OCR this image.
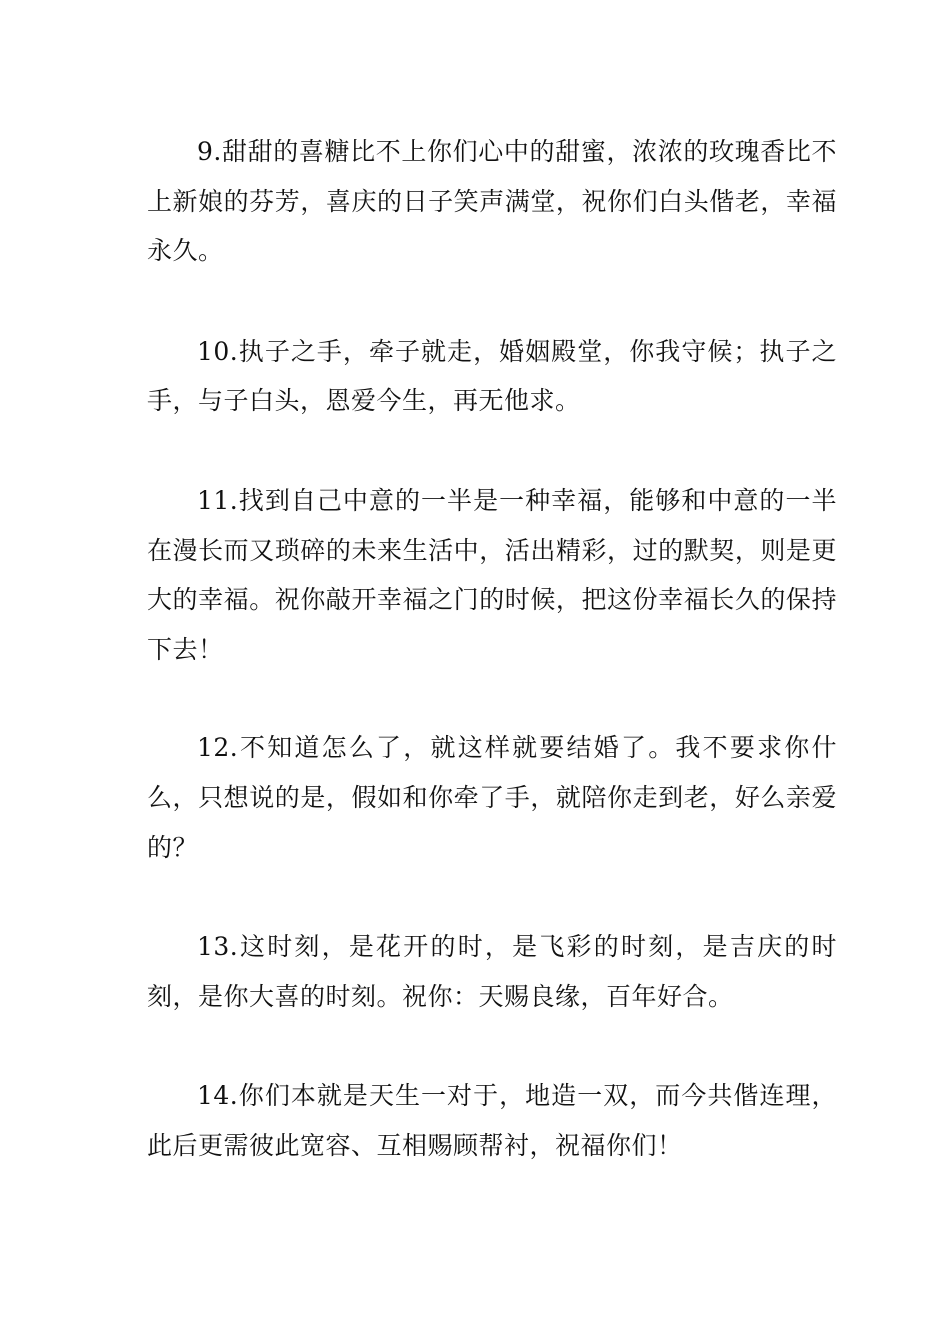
9.甜甜的喜糖比不上你们心中的甜蜜，浓浓的玫瑰香比不上新娘的芬芳，喜庆的日子笑声满堂，祝你们白头偕老，幸福永久。

10.执子之手，牵子就走，婚姻殿堂，你我守候；执子之手，与子白头，恩爱今生，再无他求。

11.找到自己中意的一半是一种幸福，能够和中意的一半在漫长而又琐碎的未来生活中，活出精彩，过的默契，则是更大的幸福。祝你敲开幸福之门的时候，把这份幸福长久的保持下去！

12.不知道怎么了，就这样就要结婚了。我不要求你什么，只想说的是，假如和你牵了手，就陪你走到老，好么亲爱的？

13.这时刻，是花开的时，是飞彩的时刻，是吉庆的时刻，是你大喜的时刻。祝你：天赐良缘，百年好合。

14.你们本就是天生一对于，地造一双，而今共偕连理，此后更需彼此宽容、互相赐顾帮衬，祝福你们！
